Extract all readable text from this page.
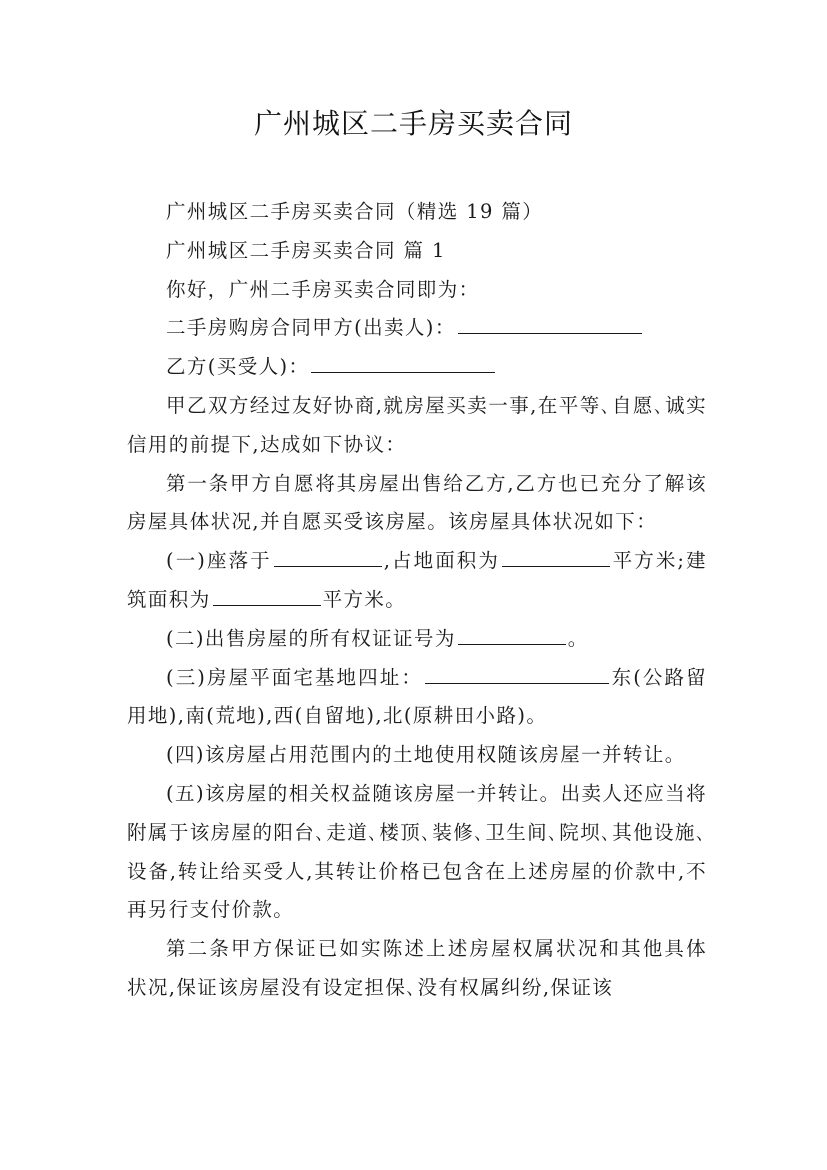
广州城区二手房买卖合同

广州城区二手房买卖合同（精选 19 篇）

广州城区二手房买卖合同 篇 1

你好，广州二手房买卖合同即为：

二手房购房合同甲方(出卖人)：

乙方(买受人)：

甲乙双方经过友好协商,就房屋买卖一事,在平等､自愿､诚实信用的前提下,达成如下协议：

第一条甲方自愿将其房屋出售给乙方,乙方也已充分了解该房屋具体状况,并自愿买受该房屋。该房屋具体状况如下：

(一)座落于	,占地面积为	平方米;建筑面积为	平方米。

(二)出售房屋的所有权证证号为	。

(三)房屋平面宅基地四址：	东(公路留用地),南(荒地),西(自留地),北(原耕田小路)。

(四)该房屋占用范围内的土地使用权随该房屋一并转让。

(五)该房屋的相关权益随该房屋一并转让。出卖人还应当将附属于该房屋的阳台､走道､楼顶､装修､卫生间､院坝､其他设施､设备,转让给买受人,其转让价格已包含在上述房屋的价款中,不再另行支付价款。

第二条甲方保证已如实陈述上述房屋权属状况和其他具体状况,保证该房屋没有设定担保､没有权属纠纷,保证该
